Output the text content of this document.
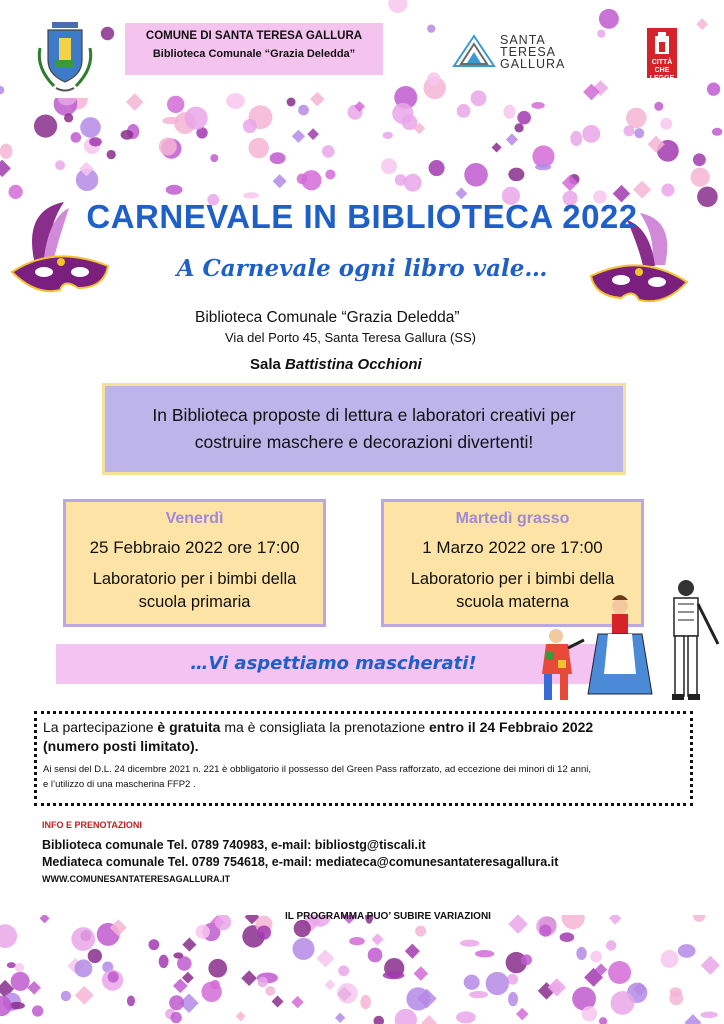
COMUNE DI SANTA TERESA GALLURA
Biblioteca Comunale “Grazia Deledda”
SANTA
TERESA
GALLURA	CITTÀ
CHE LEGGE
CARNEVALE IN BIBLIOTECA 2022
A Carnevale ogni libro vale…
Biblioteca Comunale “Grazia Deledda”
Via del Porto 45, Santa Teresa Gallura (SS)
Sala Battistina Occhioni
In Biblioteca proposte di lettura e laboratori creativi per
costruire maschere e decorazioni divertenti!
Venerdì
25 Febbraio 2022 ore 17:00
Laboratorio per i bimbi della
scuola primaria
Martedì grasso
1 Marzo 2022 ore 17:00
Laboratorio per i bimbi della
scuola materna
…Vi aspettiamo mascherati!
La partecipazione è gratuita ma è consigliata la prenotazione entro il 24 Febbraio 2022
(numero posti limitato).
Ai sensi del D.L. 24 dicembre 2021 n. 221 è obbligatorio il possesso del Green Pass rafforzato, ad eccezione dei minori di 12 anni,
e l’utilizzo di una mascherina FFP2 .
INFO E PRENOTAZIONI
Biblioteca comunale Tel. 0789 740983, e-mail: bibliostg@tiscali.it
Mediateca comunale Tel. 0789 754618, e-mail: mediateca@comunesantateresagallura.it
WWW.COMUNESANTATERESAGALLURA.IT
IL PROGRAMMA PUO’ SUBIRE VARIAZIONI
